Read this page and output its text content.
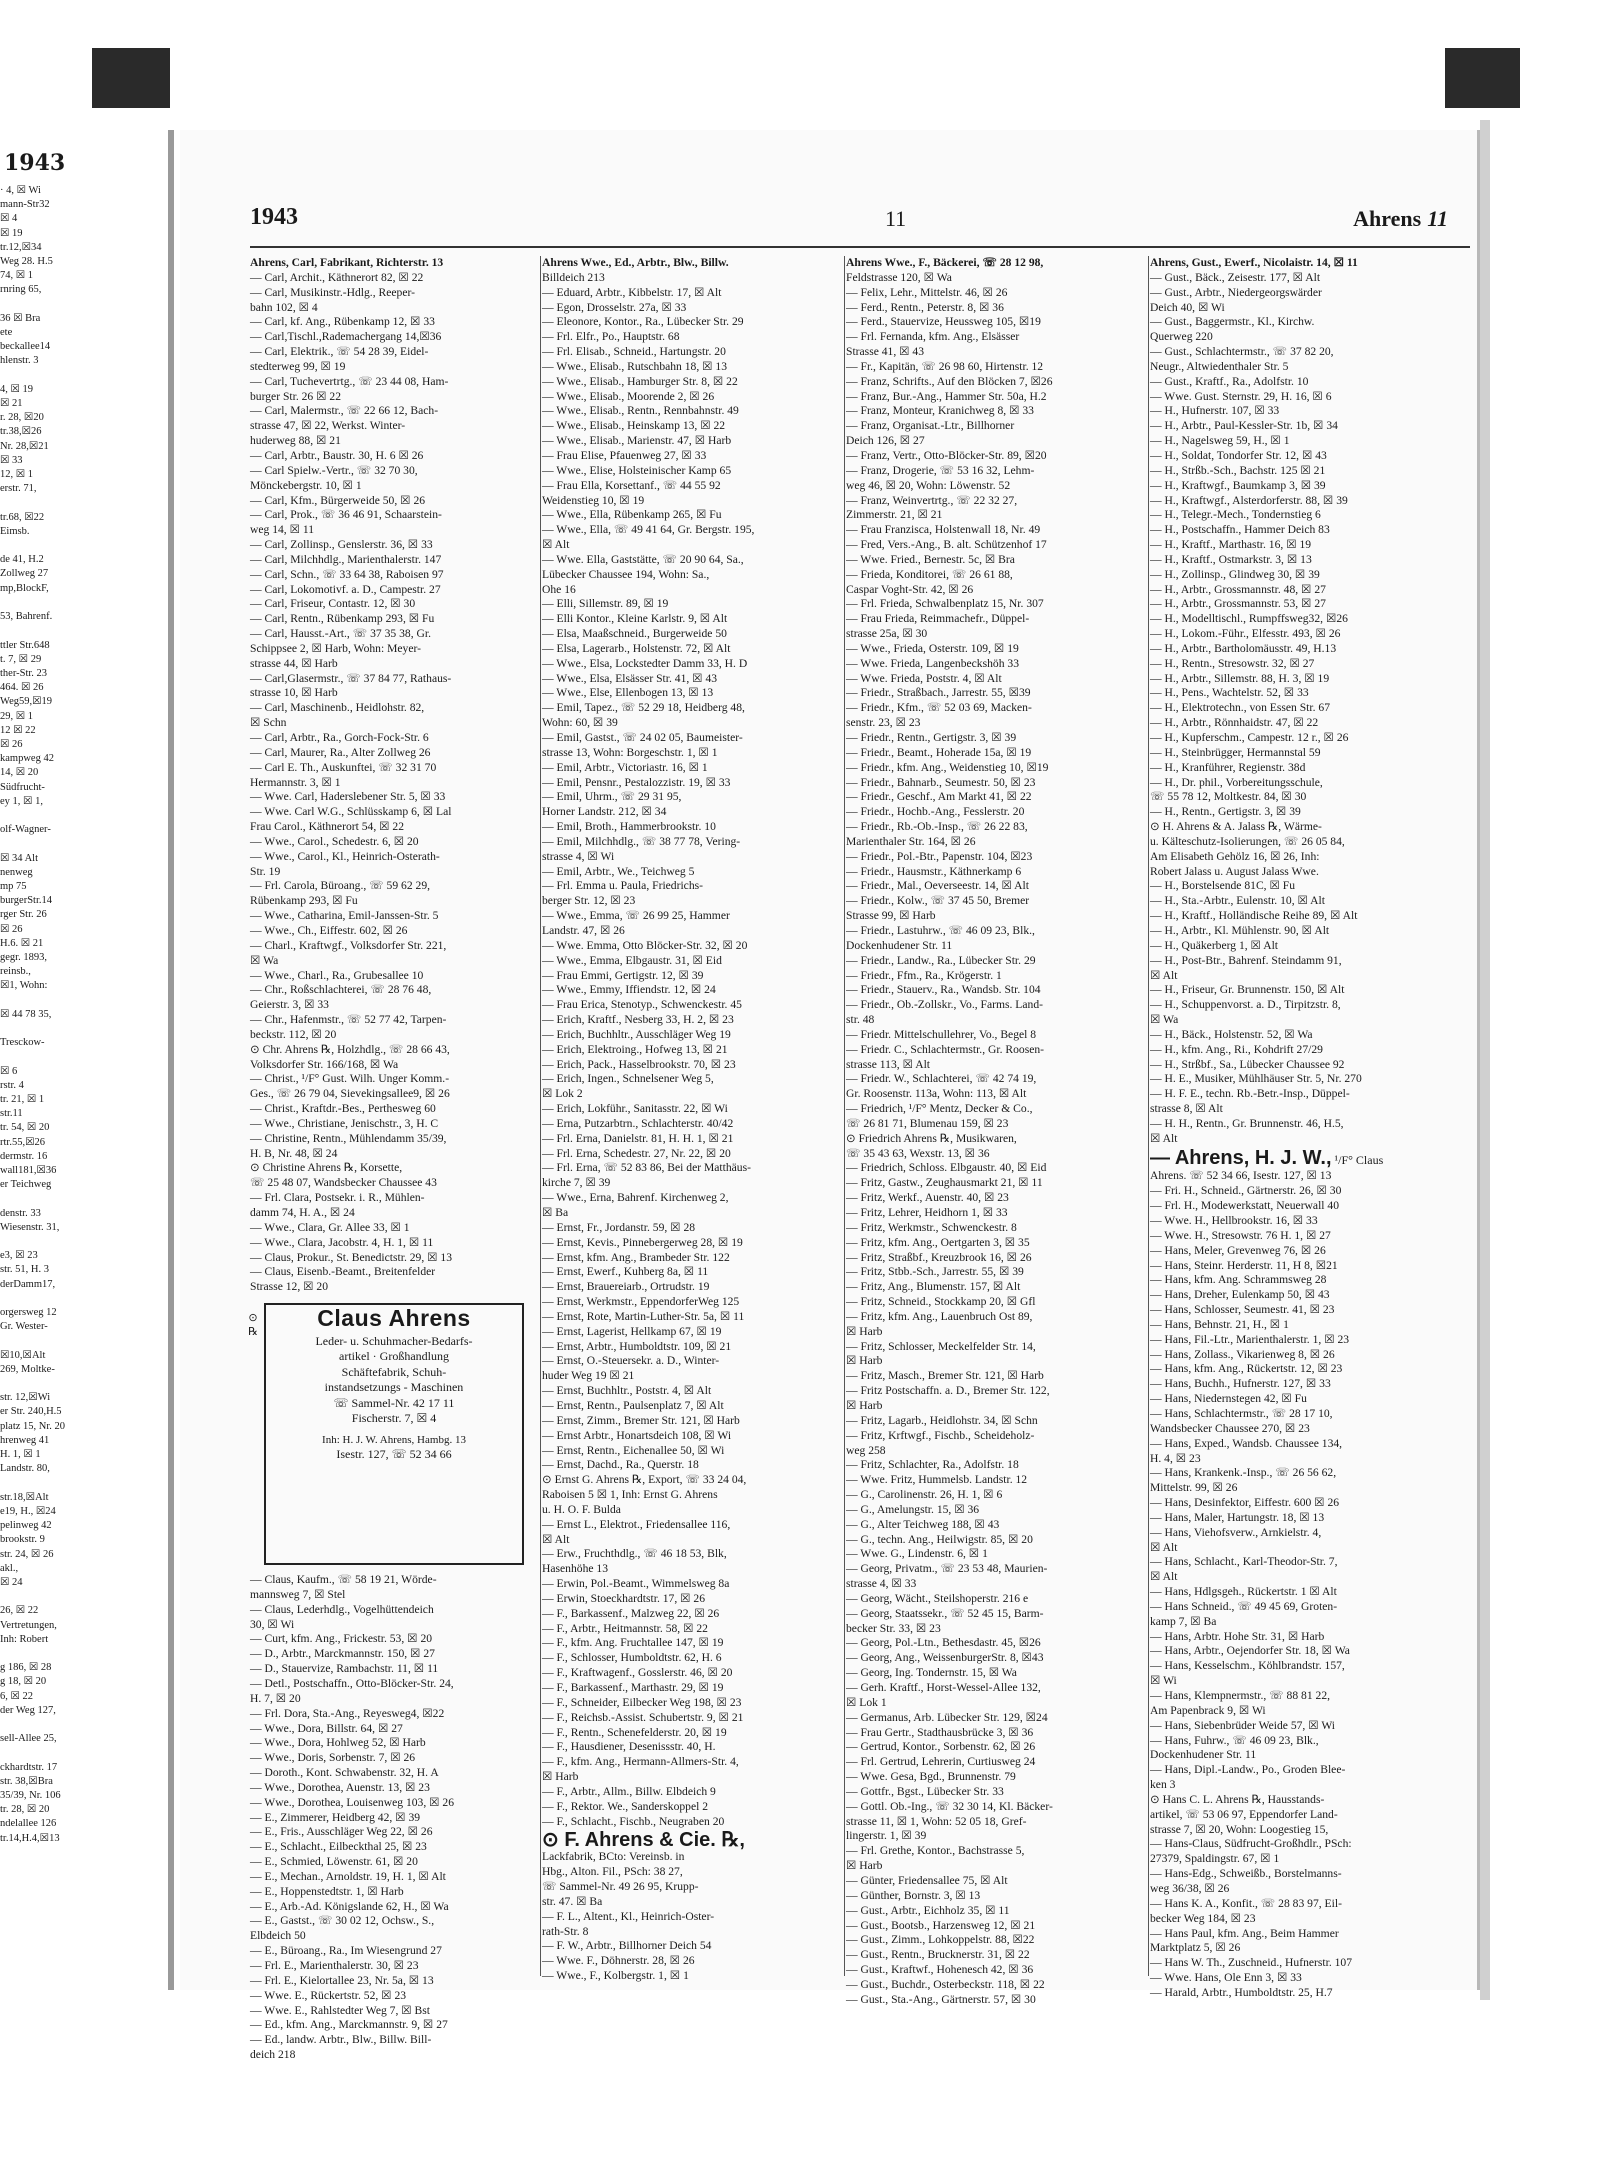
1943
· 4, ☒ Wi
mann-Str32
☒ 4
☒ 19
tr.12,☒34
Weg 28. H.5
74, ☒ 1
rnring 65,

36 ☒ Bra
ete
beckallee14
hlenstr. 3

4, ☒ 19
☒ 21
r. 28, ☒20
tr.38,☒26
Nr. 28,☒21
☒ 33
12, ☒ 1
erstr. 71,

tr.68, ☒22
Eimsb.

de 41, H.2
Zollweg 27
mp,BlockF,

53, Bahrenf.

ttler Str.648
t. 7, ☒ 29
ther-Str. 23
464. ☒ 26
Weg59,☒19
29, ☒ 1
12 ☒ 22
☒ 26
kampweg 42
14, ☒ 20
Südfrucht-
ey 1, ☒ 1,

olf-Wagner-

☒ 34 Alt
nenweg
mp 75
burgerStr.14
rger Str. 26
☒ 26
H.6. ☒ 21
gegr. 1893,
reinsb.,
☒1, Wohn:

☒ 44 78 35,

Tresckow-

☒ 6
rstr. 4
tr. 21, ☒ 1
str.11
tr. 54, ☒ 20
rtr.55,☒26
dermstr. 16
wall181,☒36
er Teichweg

denstr. 33
Wiesenstr. 31,

e3, ☒ 23
str. 51, H. 3
derDamm17,

orgersweg 12
Gr. Wester-

☒10,☒Alt
269, Moltke-

str. 12,☒Wi
er Str. 240,H.5
platz 15, Nr. 20
hrenweg 41
H. 1, ☒ 1
Landstr. 80,

str.18,☒Alt
e19, H., ☒24
pelinweg 42
brookstr. 9
str. 24, ☒ 26
akl.,
☒ 24

26, ☒ 22
Vertretungen,
Inh: Robert

g 186, ☒ 28
g 18, ☒ 20
6, ☒ 22
der Weg 127,

sell-Allee 25,

ckhardtstr. 17
str. 38,☒Bra
35/39, Nr. 106
tr. 28, ☒ 20
ndelallee 126
tr.14,H.4,☒13
1943	11	Ahrens 11
Ahrens, Carl, Fabrikant, Richterstr. 13
— Carl, Archit., Käthnerort 82, ☒ 22
— Carl, Musikinstr.-Hdlg., Reeper-
bahn 102, ☒ 4
— Carl, kf. Ang., Rübenkamp 12, ☒ 33
— Carl,Tischl.,Rademachergang 14,☒36
— Carl, Elektrik., ☏ 54 28 39, Eidel-
stedterweg 99, ☒ 19
— Carl, Tuchevertrtg., ☏ 23 44 08, Ham-
burger Str. 26 ☒ 22
— Carl, Malermstr., ☏ 22 66 12, Bach-
strasse 47, ☒ 22, Werkst. Winter-
huderweg 88, ☒ 21
— Carl, Arbtr., Baustr. 30, H. 6 ☒ 26
— Carl Spielw.-Vertr., ☏ 32 70 30,
Mönckebergstr. 10, ☒ 1
— Carl, Kfm., Bürgerweide 50, ☒ 26
— Carl, Prok., ☏ 36 46 91, Schaarstein-
weg 14, ☒ 11
— Carl, Zollinsp., Genslerstr. 36, ☒ 33
— Carl, Milchhdlg., Marienthalerstr. 147
— Carl, Schn., ☏ 33 64 38, Raboisen 97
— Carl, Lokomotivf. a. D., Campestr. 27
— Carl, Friseur, Contastr. 12, ☒ 30
— Carl, Rentn., Rübenkamp 293, ☒ Fu
— Carl, Hausst.-Art., ☏ 37 35 38, Gr.
Schippsee 2, ☒ Harb, Wohn: Meyer-
strasse 44, ☒ Harb
— Carl,Glasermstr., ☏ 37 84 77, Rathaus-
strasse 10, ☒ Harb
— Carl, Maschinenb., Heidlohstr. 82,
☒ Schn
— Carl, Arbtr., Ra., Gorch-Fock-Str. 6
— Carl, Maurer, Ra., Alter Zollweg 26
— Carl E. Th., Auskunftei, ☏ 32 31 70
Hermannstr. 3, ☒ 1
— Wwe. Carl, Haderslebener Str. 5, ☒ 33
— Wwe. Carl W.G., Schlüsskamp 6, ☒ Lal
Frau Carol., Käthnerort 54, ☒ 22
— Wwe., Carol., Schedestr. 6, ☒ 20
— Wwe., Carol., Kl., Heinrich-Osterath-
Str. 19
— Frl. Carola, Büroang., ☏ 59 62 29,
Rübenkamp 293, ☒ Fu
— Wwe., Catharina, Emil-Janssen-Str. 5
— Wwe., Ch., Eiffestr. 602, ☒ 26
— Charl., Kraftwgf., Volksdorfer Str. 221,
☒ Wa
— Wwe., Charl., Ra., Grubesallee 10
— Chr., Roßschlachterei, ☏ 28 76 48,
Geierstr. 3, ☒ 33
— Chr., Hafenmstr., ☏ 52 77 42, Tarpen-
beckstr. 112, ☒ 20
⊙ Chr. Ahrens ℞, Holzhdlg., ☏ 28 66 43,
Volksdorfer Str. 166/168, ☒ Wa
— Christ., ¹/F° Gust. Wilh. Unger Komm.-
Ges., ☏ 26 79 04, Sievekingsallee9, ☒ 26
— Christ., Kraftdr.-Bes., Perthesweg 60
— Wwe., Christiane, Jenischstr., 3, H. C
— Christine, Rentn., Mühlendamm 35/39,
H. B, Nr. 48, ☒ 24
⊙ Christine Ahrens ℞, Korsette,
☏ 25 48 07, Wandsbecker Chaussee 43
— Frl. Clara, Postsekr. i. R., Mühlen-
damm 74, H. A., ☒ 24
— Wwe., Clara, Gr. Allee 33, ☒ 1
— Wwe., Clara, Jacobstr. 4, H. 1, ☒ 11
— Claus, Prokur., St. Benedictstr. 29, ☒ 13
— Claus, Eisenb.-Beamt., Breitenfelder
Strasse 12, ☒ 20
⊙ ℞
Claus Ahrens
Leder- u. Schuhmacher-Bedarfs-
artikel · Großhandlung
Schäftefabrik, Schuh-
instandsetzungs - Maschinen
☏ Sammel-Nr. 42 17 11
Fischerstr. 7, ☒ 4
Inh: H. J. W. Ahrens, Hambg. 13
Isestr. 127, ☏ 52 34 66
— Claus, Kaufm., ☏ 58 19 21, Wörde-
mannsweg 7, ☒ Stel
— Claus, Lederhdlg., Vogelhüttendeich
30, ☒ Wi
— Curt, kfm. Ang., Frickestr. 53, ☒ 20
— D., Arbtr., Marckmannstr. 150, ☒ 27
— D., Stauervize, Rambachstr. 11, ☒ 11
— Detl., Postschaffn., Otto-Blöcker-Str. 24,
H. 7, ☒ 20
— Frl. Dora, Sta.-Ang., Reyesweg4, ☒22
— Wwe., Dora, Billstr. 64, ☒ 27
— Wwe., Dora, Hohlweg 52, ☒ Harb
— Wwe., Doris, Sorbenstr. 7, ☒ 26
— Doroth., Kont. Schwabenstr. 32, H. A
— Wwe., Dorothea, Auenstr. 13, ☒ 23
— Wwe., Dorothea, Louisenweg 103, ☒ 26
— E., Zimmerer, Heidberg 42, ☒ 39
— E., Fris., Ausschläger Weg 22, ☒ 26
— E., Schlacht., Eilbeckthal 25, ☒ 23
— E., Schmied, Löwenstr. 61, ☒ 20
— E., Mechan., Arnoldstr. 19, H. 1, ☒ Alt
— E., Hoppenstedtstr. 1, ☒ Harb
— E., Arb.-Ad. Königslande 62, H., ☒ Wa
— E., Gastst., ☏ 30 02 12, Ochsw., S.,
Elbdeich 50
— E., Büroang., Ra., Im Wiesengrund 27
— Frl. E., Marienthalerstr. 30, ☒ 23
— Frl. E., Kielortallee 23, Nr. 5a, ☒ 13
— Wwe. E., Rückertstr. 52, ☒ 23
— Wwe. E., Rahlstedter Weg 7, ☒ Bst
— Ed., kfm. Ang., Marckmannstr. 9, ☒ 27
— Ed., landw. Arbtr., Blw., Billw. Bill-
deich 218
Ahrens Wwe., Ed., Arbtr., Blw., Billw.
Billdeich 213
— Eduard, Arbtr., Kibbelstr. 17, ☒ Alt
— Egon, Drosselstr. 27a, ☒ 33
— Eleonore, Kontor., Ra., Lübecker Str. 29
— Frl. Elfr., Po., Hauptstr. 68
— Frl. Elisab., Schneid., Hartungstr. 20
— Wwe., Elisab., Rutschbahn 18, ☒ 13
— Wwe., Elisab., Hamburger Str. 8, ☒ 22
— Wwe., Elisab., Moorende 2, ☒ 26
— Wwe., Elisab., Rentn., Rennbahnstr. 49
— Wwe., Elisab., Heinskamp 13, ☒ 22
— Wwe., Elisab., Marienstr. 47, ☒ Harb
— Frau Elise, Pfauenweg 27, ☒ 33
— Wwe., Elise, Holsteinischer Kamp 65
— Frau Ella, Korsettanf., ☏ 44 55 92
Weidenstieg 10, ☒ 19
— Wwe., Ella, Rübenkamp 265, ☒ Fu
— Wwe., Ella, ☏ 49 41 64, Gr. Bergstr. 195,
☒ Alt
— Wwe. Ella, Gaststätte, ☏ 20 90 64, Sa.,
Lübecker Chaussee 194, Wohn: Sa.,
Ohe 16
— Elli, Sillemstr. 89, ☒ 19
— Elli Kontor., Kleine Karlstr. 9, ☒ Alt
— Elsa, Maaßschneid., Burgerweide 50
— Elsa, Lagerarb., Holstenstr. 72, ☒ Alt
— Wwe., Elsa, Lockstedter Damm 33, H. D
— Wwe., Elsa, Elsässer Str. 41, ☒ 43
— Wwe., Else, Ellenbogen 13, ☒ 13
— Emil, Tapez., ☏ 52 29 18, Heidberg 48,
Wohn: 60, ☒ 39
— Emil, Gastst., ☏ 24 02 05, Baumeister-
strasse 13, Wohn: Borgeschstr. 1, ☒ 1
— Emil, Arbtr., Victoriastr. 16, ☒ 1
— Emil, Pensnr., Pestalozzistr. 19, ☒ 33
— Emil, Uhrm., ☏ 29 31 95,
Horner Landstr. 212, ☒ 34
— Emil, Broth., Hammerbrookstr. 10
— Emil, Milchhdlg., ☏ 38 77 78, Vering-
strasse 4, ☒ Wi
— Emil, Arbtr., We., Teichweg 5
— Frl. Emma u. Paula, Friedrichs-
berger Str. 12, ☒ 23
— Wwe., Emma, ☏ 26 99 25, Hammer
Landstr. 47, ☒ 26
— Wwe. Emma, Otto Blöcker-Str. 32, ☒ 20
— Wwe., Emma, Elbgaustr. 31, ☒ Eid
— Frau Emmi, Gertigstr. 12, ☒ 39
— Wwe., Emmy, Iffiendstr. 12, ☒ 24
— Frau Erica, Stenotyp., Schwenckestr. 45
— Erich, Kraftf., Nesberg 33, H. 2, ☒ 23
— Erich, Buchhltr., Ausschläger Weg 19
— Erich, Elektroing., Hofweg 13, ☒ 21
— Erich, Pack., Hasselbrookstr. 70, ☒ 23
— Erich, Ingen., Schnelsener Weg 5,
☒ Lok 2
— Erich, Lokführ., Sanitasstr. 22, ☒ Wi
— Erna, Putzarbtrn., Schlachterstr. 40/42
— Frl. Erna, Danielstr. 81, H. H. 1, ☒ 21
— Frl. Erna, Schedestr. 27, Nr. 22, ☒ 20
— Frl. Erna, ☏ 52 83 86, Bei der Matthäus-
kirche 7, ☒ 39
— Wwe., Erna, Bahrenf. Kirchenweg 2,
☒ Ba
— Ernst, Fr., Jordanstr. 59, ☒ 28
— Ernst, Kevis., Pinnebergerweg 28, ☒ 19
— Ernst, kfm. Ang., Brambeder Str. 122
— Ernst, Ewerf., Kuhberg 8a, ☒ 11
— Ernst, Brauereiarb., Ortrudstr. 19
— Ernst, Werkmstr., EppendorferWeg 125
— Ernst, Rote, Martin-Luther-Str. 5a, ☒ 11
— Ernst, Lagerist, Hellkamp 67, ☒ 19
— Ernst, Arbtr., Humboldtstr. 109, ☒ 21
— Ernst, O.-Steuersekr. a. D., Winter-
huder Weg 19 ☒ 21
— Ernst, Buchhltr., Poststr. 4, ☒ Alt
— Ernst, Rentn., Paulsenplatz 7, ☒ Alt
— Ernst, Zimm., Bremer Str. 121, ☒ Harb
— Ernst Arbtr., Honartsdeich 108, ☒ Wi
— Ernst, Rentn., Eichenallee 50, ☒ Wi
— Ernst, Dachd., Ra., Querstr. 18
⊙ Ernst G. Ahrens ℞, Export, ☏ 33 24 04,
Raboisen 5 ☒ 1, Inh: Ernst G. Ahrens
u. H. O. F. Bulda
— Ernst L., Elektrot., Friedensallee 116,
☒ Alt
— Erw., Fruchthdlg., ☏ 46 18 53, Blk,
Hasenhöhe 13
— Erwin, Pol.-Beamt., Wimmelsweg 8a
— Erwin, Stoeckhardtstr. 17, ☒ 26
— F., Barkassenf., Malzweg 22, ☒ 26
— F., Arbtr., Heitmannstr. 58, ☒ 22
— F., kfm. Ang. Fruchtallee 147, ☒ 19
— F., Schlosser, Humboldtstr. 62, H. 6
— F., Kraftwagenf., Gosslerstr. 46, ☒ 20
— F., Barkassenf., Marthastr. 29, ☒ 19
— F., Schneider, Eilbecker Weg 198, ☒ 23
— F., Reichsb.-Assist. Schubertstr. 9, ☒ 21
— F., Rentn., Schenefelderstr. 20, ☒ 19
— F., Hausdiener, Desenissstr. 40, H.
— F., kfm. Ang., Hermann-Allmers-Str. 4,
☒ Harb
— F., Arbtr., Allm., Billw. Elbdeich 9
— F., Rektor. We., Sanderskoppel 2
— F., Schlacht., Fischb., Neugraben 20
⊙ F. Ahrens & Cie. ℞,
Lackfabrik, BCto: Vereinsb. in
Hbg., Alton. Fil., PSch: 38 27,
☏ Sammel-Nr. 49 26 95, Krupp-
str. 47. ☒ Ba
— F. L., Altent., Kl., Heinrich-Oster-
rath-Str. 8
— F. W., Arbtr., Billhorner Deich 54
— Wwe. F., Döhnerstr. 28, ☒ 26
— Wwe., F., Kolbergstr. 1, ☒ 1
Ahrens Wwe., F., Bäckerei, ☏ 28 12 98,
Feldstrasse 120, ☒ Wa
— Felix, Lehr., Mittelstr. 46, ☒ 26
— Ferd., Rentn., Peterstr. 8, ☒ 36
— Ferd., Stauervize, Heussweg 105, ☒19
— Frl. Fernanda, kfm. Ang., Elsässer
Strasse 41, ☒ 43
— Fr., Kapitän, ☏ 26 98 60, Hirtenstr. 12
— Franz, Schrifts., Auf den Blöcken 7, ☒26
— Franz, Bur.-Ang., Hammer Str. 50a, H.2
— Franz, Monteur, Kranichweg 8, ☒ 33
— Franz, Organisat.-Ltr., Billhorner
Deich 126, ☒ 27
— Franz, Vertr., Otto-Blöcker-Str. 89, ☒20
— Franz, Drogerie, ☏ 53 16 32, Lehm-
weg 46, ☒ 20, Wohn: Löwenstr. 52
— Franz, Weinvertrtg., ☏ 22 32 27,
Zimmerstr. 21, ☒ 21
— Frau Franzisca, Holstenwall 18, Nr. 49
— Fred, Vers.-Ang., B. alt. Schützenhof 17
— Wwe. Fried., Bernestr. 5c, ☒ Bra
— Frieda, Konditorei, ☏ 26 61 88,
Caspar Voght-Str. 42, ☒ 26
— Frl. Frieda, Schwalbenplatz 15, Nr. 307
— Frau Frieda, Reimmachefr., Düppel-
strasse 25a, ☒ 30
— Wwe., Frieda, Osterstr. 109, ☒ 19
— Wwe. Frieda, Langenbeckshöh 33
— Wwe. Frieda, Poststr. 4, ☒ Alt
— Friedr., Straßbach., Jarrestr. 55, ☒39
— Friedr., Kfm., ☏ 52 03 69, Macken-
senstr. 23, ☒ 23
— Friedr., Rentn., Gertigstr. 3, ☒ 39
— Friedr., Beamt., Hoherade 15a, ☒ 19
— Friedr., kfm. Ang., Weidenstieg 10, ☒19
— Friedr., Bahnarb., Seumestr. 50, ☒ 23
— Friedr., Geschf., Am Markt 41, ☒ 22
— Friedr., Hochb.-Ang., Fesslerstr. 20
— Friedr., Rb.-Ob.-Insp., ☏ 26 22 83,
Marienthaler Str. 164, ☒ 26
— Friedr., Pol.-Btr., Papenstr. 104, ☒23
— Friedr., Hausmstr., Käthnerkamp 6
— Friedr., Mal., Oeverseestr. 14, ☒ Alt
— Friedr., Kolw., ☏ 37 45 50, Bremer
Strasse 99, ☒ Harb
— Friedr., Lastuhrw., ☏ 46 09 23, Blk.,
Dockenhudener Str. 11
— Friedr., Landw., Ra., Lübecker Str. 29
— Friedr., Ffm., Ra., Krögerstr. 1
— Friedr., Stauerv., Ra., Wandsb. Str. 104
— Friedr., Ob.-Zollskr., Vo., Farms. Land-
str. 48
— Friedr. Mittelschullehrer, Vo., Begel 8
— Friedr. C., Schlachtermstr., Gr. Roosen-
strasse 113, ☒ Alt
— Friedr. W., Schlachterei, ☏ 42 74 19,
Gr. Roosenstr. 113a, Wohn: 113, ☒ Alt
— Friedrich, ¹/F° Mentz, Decker & Co.,
☏ 26 81 71, Blumenau 159, ☒ 23
⊙ Friedrich Ahrens ℞, Musikwaren,
☏ 35 43 63, Wexstr. 13, ☒ 36
— Friedrich, Schloss. Elbgaustr. 40, ☒ Eid
— Fritz, Gastw., Zeughausmarkt 21, ☒ 11
— Fritz, Werkf., Auenstr. 40, ☒ 23
— Fritz, Lehrer, Heidhorn 1, ☒ 33
— Fritz, Werkmstr., Schwenckestr. 8
— Fritz, kfm. Ang., Oertgarten 3, ☒ 35
— Fritz, Straßbf., Kreuzbrook 16, ☒ 26
— Fritz, Stbb.-Sch., Jarrestr. 55, ☒ 39
— Fritz, Ang., Blumenstr. 157, ☒ Alt
— Fritz, Schneid., Stockkamp 20, ☒ Gfl
— Fritz, kfm. Ang., Lauenbruch Ost 89,
☒ Harb
— Fritz, Schlosser, Meckelfelder Str. 14,
☒ Harb
— Fritz, Masch., Bremer Str. 121, ☒ Harb
— Fritz Postschaffn. a. D., Bremer Str. 122,
☒ Harb
— Fritz, Lagarb., Heidlohstr. 34, ☒ Schn
— Fritz, Krftwgf., Fischb., Scheideholz-
weg 258
— Fritz, Schlachter, Ra., Adolfstr. 18
— Wwe. Fritz, Hummelsb. Landstr. 12
— G., Carolinenstr. 26, H. 1, ☒ 6
— G., Amelungstr. 15, ☒ 36
— G., Alter Teichweg 188, ☒ 43
— G., techn. Ang., Heilwigstr. 85, ☒ 20
— Wwe. G., Lindenstr. 6, ☒ 1
— Georg, Privatm., ☏ 23 53 48, Maurien-
strasse 4, ☒ 33
— Georg, Wächt., Steilshoperstr. 216 e
— Georg, Staatssekr., ☏ 52 45 15, Barm-
becker Str. 33, ☒ 23
— Georg, Pol.-Ltn., Bethesdastr. 45, ☒26
— Georg, Ang., WeissenburgerStr. 8, ☒43
— Georg, Ing. Tondernstr. 15, ☒ Wa
— Gerh. Kraftf., Horst-Wessel-Allee 132,
☒ Lok 1
— Germanus, Arb. Lübecker Str. 129, ☒24
— Frau Gertr., Stadthausbrücke 3, ☒ 36
— Gertrud, Kontor., Sorbenstr. 62, ☒ 26
— Frl. Gertrud, Lehrerin, Curtiusweg 24
— Wwe. Gesa, Bgd., Brunnenstr. 79
— Gottfr., Bgst., Lübecker Str. 33
— Gottl. Ob.-Ing., ☏ 32 30 14, Kl. Bäcker-
strasse 11, ☒ 1, Wohn: 52 05 18, Gref-
lingerstr. 1, ☒ 39
— Frl. Grethe, Kontor., Bachstrasse 5,
☒ Harb
— Günter, Friedensallee 75, ☒ Alt
— Günther, Bornstr. 3, ☒ 13
— Gust., Arbtr., Eichholz 35, ☒ 11
— Gust., Bootsb., Harzensweg 12, ☒ 21
— Gust., Zimm., Lohkoppelstr. 88, ☒22
— Gust., Rentn., Brucknerstr. 31, ☒ 22
— Gust., Kraftwf., Hohenesch 42, ☒ 36
— Gust., Buchdr., Osterbeckstr. 118, ☒ 22
— Gust., Sta.-Ang., Gärtnerstr. 57, ☒ 30
Ahrens, Gust., Ewerf., Nicolaistr. 14, ☒ 11
— Gust., Bäck., Zeisestr. 177, ☒ Alt
— Gust., Arbtr., Niedergeorgswärder
Deich 40, ☒ Wi
— Gust., Baggermstr., Kl., Kirchw.
Querweg 220
— Gust., Schlachtermstr., ☏ 37 82 20,
Neugr., Altwiedenthaler Str. 5
— Gust., Kraftf., Ra., Adolfstr. 10
— Wwe. Gust. Sternstr. 29, H. 16, ☒ 6
— H., Hufnerstr. 107, ☒ 33
— H., Arbtr., Paul-Kessler-Str. 1b, ☒ 34
— H., Nagelsweg 59, H., ☒ 1
— H., Soldat, Tondorfer Str. 12, ☒ 43
— H., Strßb.-Sch., Bachstr. 125 ☒ 21
— H., Kraftwgf., Baumkamp 3, ☒ 39
— H., Kraftwgf., Alsterdorferstr. 88, ☒ 39
— H., Telegr.-Mech., Tondernstieg 6
— H., Postschaffn., Hammer Deich 83
— H., Kraftf., Marthastr. 16, ☒ 19
— H., Kraftf., Ostmarkstr. 3, ☒ 13
— H., Zollinsp., Glindweg 30, ☒ 39
— H., Arbtr., Grossmannstr. 48, ☒ 27
— H., Arbtr., Grossmannstr. 53, ☒ 27
— H., Modelltischl., Rumpffsweg32, ☒26
— H., Lokom.-Führ., Elfesstr. 493, ☒ 26
— H., Arbtr., Bartholomäusstr. 49, H.13
— H., Rentn., Stresowstr. 32, ☒ 27
— H., Arbtr., Sillemstr. 88, H. 3, ☒ 19
— H., Pens., Wachtelstr. 52, ☒ 33
— H., Elektrotechn., von Essen Str. 67
— H., Arbtr., Rönnhaidstr. 47, ☒ 22
— H., Kupferschm., Campestr. 12 r., ☒ 26
— H., Steinbrügger, Hermannstal 59
— H., Kranführer, Regienstr. 38d
— H., Dr. phil., Vorbereitungsschule,
☏ 55 78 12, Moltkestr. 84, ☒ 30
— H., Rentn., Gertigstr. 3, ☒ 39
⊙ H. Ahrens & A. Jalass ℞, Wärme-
u. Kälteschutz-Isolierungen, ☏ 26 05 84,
Am Elisabeth Gehölz 16, ☒ 26, Inh:
Robert Jalass u. August Jalass Wwe.
— H., Borstelsende 81C, ☒ Fu
— H., Sta.-Arbtr., Eulenstr. 10, ☒ Alt
— H., Kraftf., Holländische Reihe 89, ☒ Alt
— H., Arbtr., Kl. Mühlenstr. 90, ☒ Alt
— H., Quäkerberg 1, ☒ Alt
— H., Post-Btr., Bahrenf. Steindamm 91,
☒ Alt
— H., Friseur, Gr. Brunnenstr. 150, ☒ Alt
— H., Schuppenvorst. a. D., Tirpitzstr. 8,
☒ Wa
— H., Bäck., Holstenstr. 52, ☒ Wa
— H., kfm. Ang., Ri., Kohdrift 27/29
— H., Strßbf., Sa., Lübecker Chaussee 92
— H. E., Musiker, Mühlhäuser Str. 5, Nr. 270
— H. F. E., techn. Rb.-Betr.-Insp., Düppel-
strasse 8, ☒ Alt
— H. H., Rentn., Gr. Brunnenstr. 46, H.5,
☒ Alt
— Ahrens, H. J. W., ¹/F° Claus
Ahrens. ☏ 52 34 66, Isestr. 127, ☒ 13
— Fri. H., Schneid., Gärtnerstr. 26, ☒ 30
— Frl. H., Modewerkstatt, Neuerwall 40
— Wwe. H., Hellbrookstr. 16, ☒ 33
— Wwe. H., Stresowstr. 76 H. 1, ☒ 27
— Hans, Meler, Grevenweg 76, ☒ 26
— Hans, Steinr. Herderstr. 11, H 8, ☒21
— Hans, kfm. Ang. Schrammsweg 28
— Hans, Dreher, Eulenkamp 50, ☒ 43
— Hans, Schlosser, Seumestr. 41, ☒ 23
— Hans, Behnstr. 21, H., ☒ 1
— Hans, Fil.-Ltr., Marienthalerstr. 1, ☒ 23
— Hans, Zollass., Vikarienweg 8, ☒ 26
— Hans, kfm. Ang., Rückertstr. 12, ☒ 23
— Hans, Buchh., Hufnerstr. 127, ☒ 33
— Hans, Niedernstegen 42, ☒ Fu
— Hans, Schlachtermstr., ☏ 28 17 10,
Wandsbecker Chaussee 270, ☒ 23
— Hans, Exped., Wandsb. Chaussee 134,
H. 4, ☒ 23
— Hans, Krankenk.-Insp., ☏ 26 56 62,
Mittelstr. 99, ☒ 26
— Hans, Desinfektor, Eiffestr. 600 ☒ 26
— Hans, Maler, Hartungstr. 18, ☒ 13
— Hans, Viehofsverw., Arnkielstr. 4,
☒ Alt
— Hans, Schlacht., Karl-Theodor-Str. 7,
☒ Alt
— Hans, Hdlgsgeh., Rückertstr. 1 ☒ Alt
— Hans Schneid., ☏ 49 45 69, Groten-
kamp 7, ☒ Ba
— Hans, Arbtr. Hohe Str. 31, ☒ Harb
— Hans, Arbtr., Oejendorfer Str. 18, ☒ Wa
— Hans, Kesselschm., Köhlbrandstr. 157,
☒ Wi
— Hans, Klempnermstr., ☏ 88 81 22,
Am Papenbrack 9, ☒ Wi
— Hans, Siebenbrüder Weide 57, ☒ Wi
— Hans, Fuhrw., ☏ 46 09 23, Blk.,
Dockenhudener Str. 11
— Hans, Dipl.-Landw., Po., Groden Blee-
ken 3
⊙ Hans C. L. Ahrens ℞, Hausstands-
artikel, ☏ 53 06 97, Eppendorfer Land-
strasse 7, ☒ 20, Wohn: Loogestieg 15,
— Hans-Claus, Südfrucht-Großhdlr., PSch:
27379, Spaldingstr. 67, ☒ 1
— Hans-Edg., Schweißb., Borstelmanns-
weg 36/38, ☒ 26
— Hans K. A., Konfit., ☏ 28 83 97, Eil-
becker Weg 184, ☒ 23
— Hans Paul, kfm. Ang., Beim Hammer
Marktplatz 5, ☒ 26
— Hans W. Th., Zuschneid., Hufnerstr. 107
— Wwe. Hans, Ole Enn 3, ☒ 33
— Harald, Arbtr., Humboldtstr. 25, H.7
